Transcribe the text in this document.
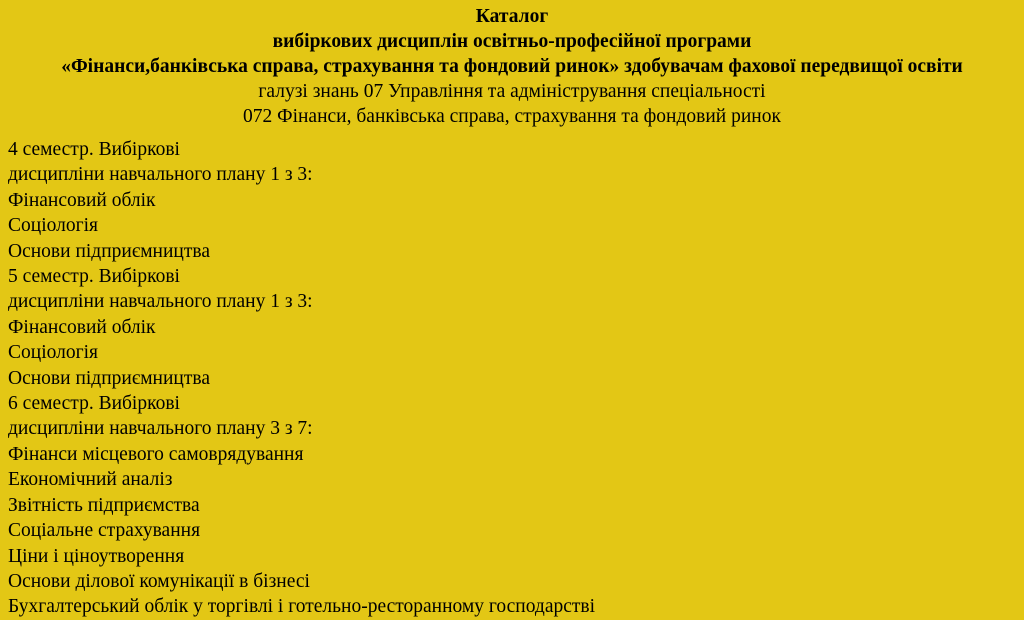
Каталог
вибіркових дисциплін освітньо-професійної програми
«Фінанси,банківська справа, страхування та фондовий ринок» здобувачам фахової передвищої освіти
галузі знань 07 Управління та адміністрування спеціальності
072 Фінанси, банківська справа, страхування та фондовий ринок
4 семестр. Вибіркові
дисципліни навчального плану 1 з 3:
Фінансовий облік
Соціологія
Основи підприємництва
5 семестр. Вибіркові
дисципліни навчального плану 1 з 3:
Фінансовий облік
Соціологія
Основи підприємництва
6 семестр. Вибіркові
дисципліни навчального плану 3 з 7:
Фінанси місцевого самоврядування
Економічний аналіз
Звітність підприємства
Соціальне страхування
Ціни і ціноутворення
Основи ділової комунікації в бізнесі
Бухгалтерський облік у торгівлі і готельно-ресторанному господарстві
